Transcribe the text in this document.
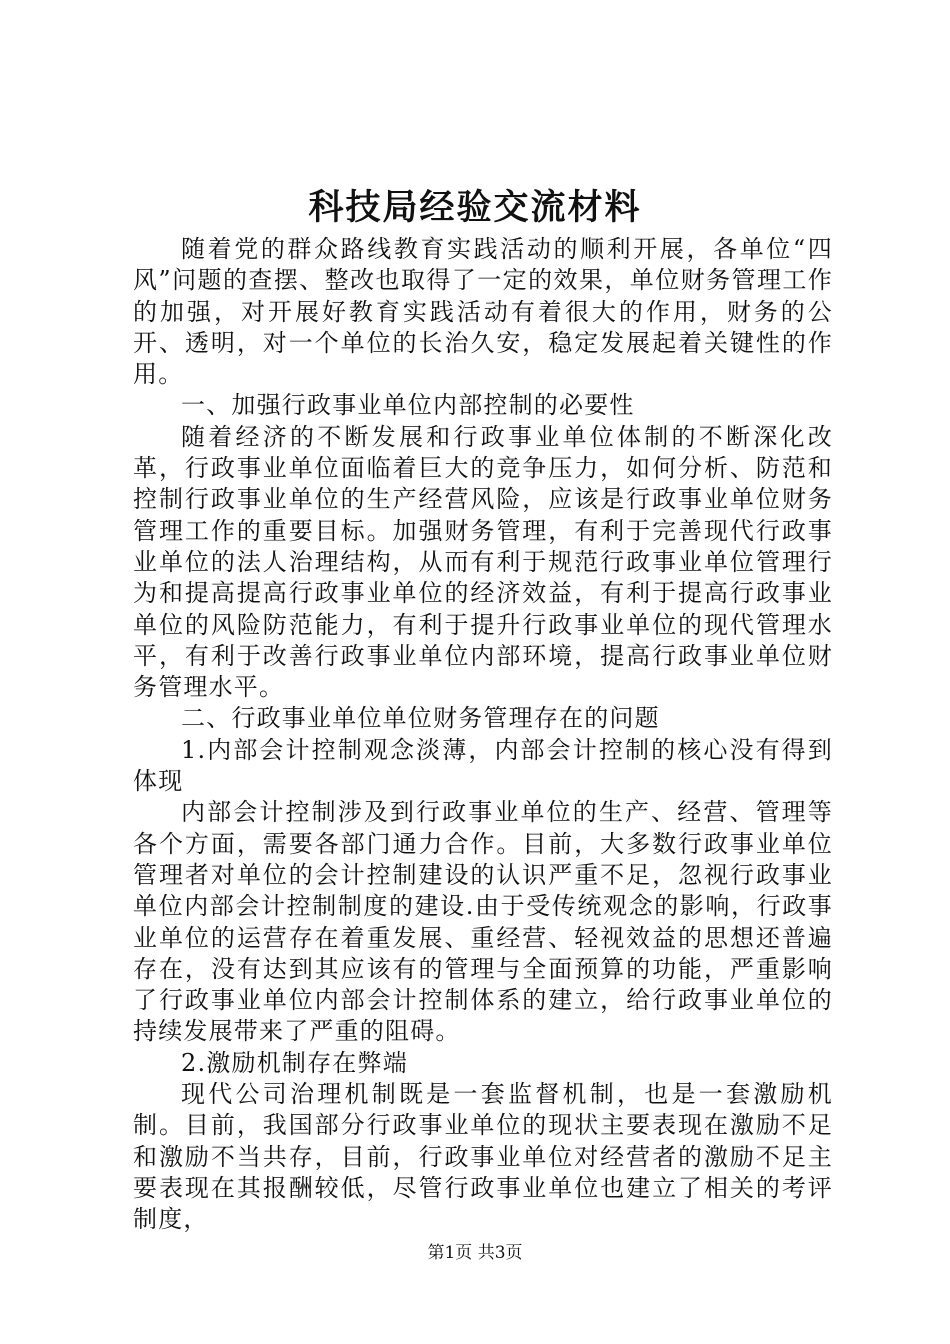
科技局经验交流材料

随着党的群众路线教育实践活动的顺利开展，各单位“四风”问题的查摆、整改也取得了一定的效果，单位财务管理工作的加强，对开展好教育实践活动有着很大的作用，财务的公开、透明，对一个单位的长治久安，稳定发展起着关键性的作用。

一、加强行政事业单位内部控制的必要性

随着经济的不断发展和行政事业单位体制的不断深化改革，行政事业单位面临着巨大的竞争压力，如何分析、防范和控制行政事业单位的生产经营风险，应该是行政事业单位财务管理工作的重要目标。加强财务管理，有利于完善现代行政事业单位的法人治理结构，从而有利于规范行政事业单位管理行为和提高提高行政事业单位的经济效益，有利于提高行政事业单位的风险防范能力，有利于提升行政事业单位的现代管理水平，有利于改善行政事业单位内部环境，提高行政事业单位财务管理水平。

二、行政事业单位单位财务管理存在的问题

1.内部会计控制观念淡薄，内部会计控制的核心没有得到体现

内部会计控制涉及到行政事业单位的生产、经营、管理等各个方面，需要各部门通力合作。目前，大多数行政事业单位管理者对单位的会计控制建设的认识严重不足，忽视行政事业单位内部会计控制制度的建设.由于受传统观念的影响，行政事业单位的运营存在着重发展、重经营、轻视效益的思想还普遍存在，没有达到其应该有的管理与全面预算的功能，严重影响了行政事业单位内部会计控制体系的建立，给行政事业单位的持续发展带来了严重的阻碍。

2.激励机制存在弊端

现代公司治理机制既是一套监督机制，也是一套激励机制。目前，我国部分行政事业单位的现状主要表现在激励不足和激励不当共存，目前，行政事业单位对经营者的激励不足主要表现在其报酬较低，尽管行政事业单位也建立了相关的考评制度，

第1页 共3页
